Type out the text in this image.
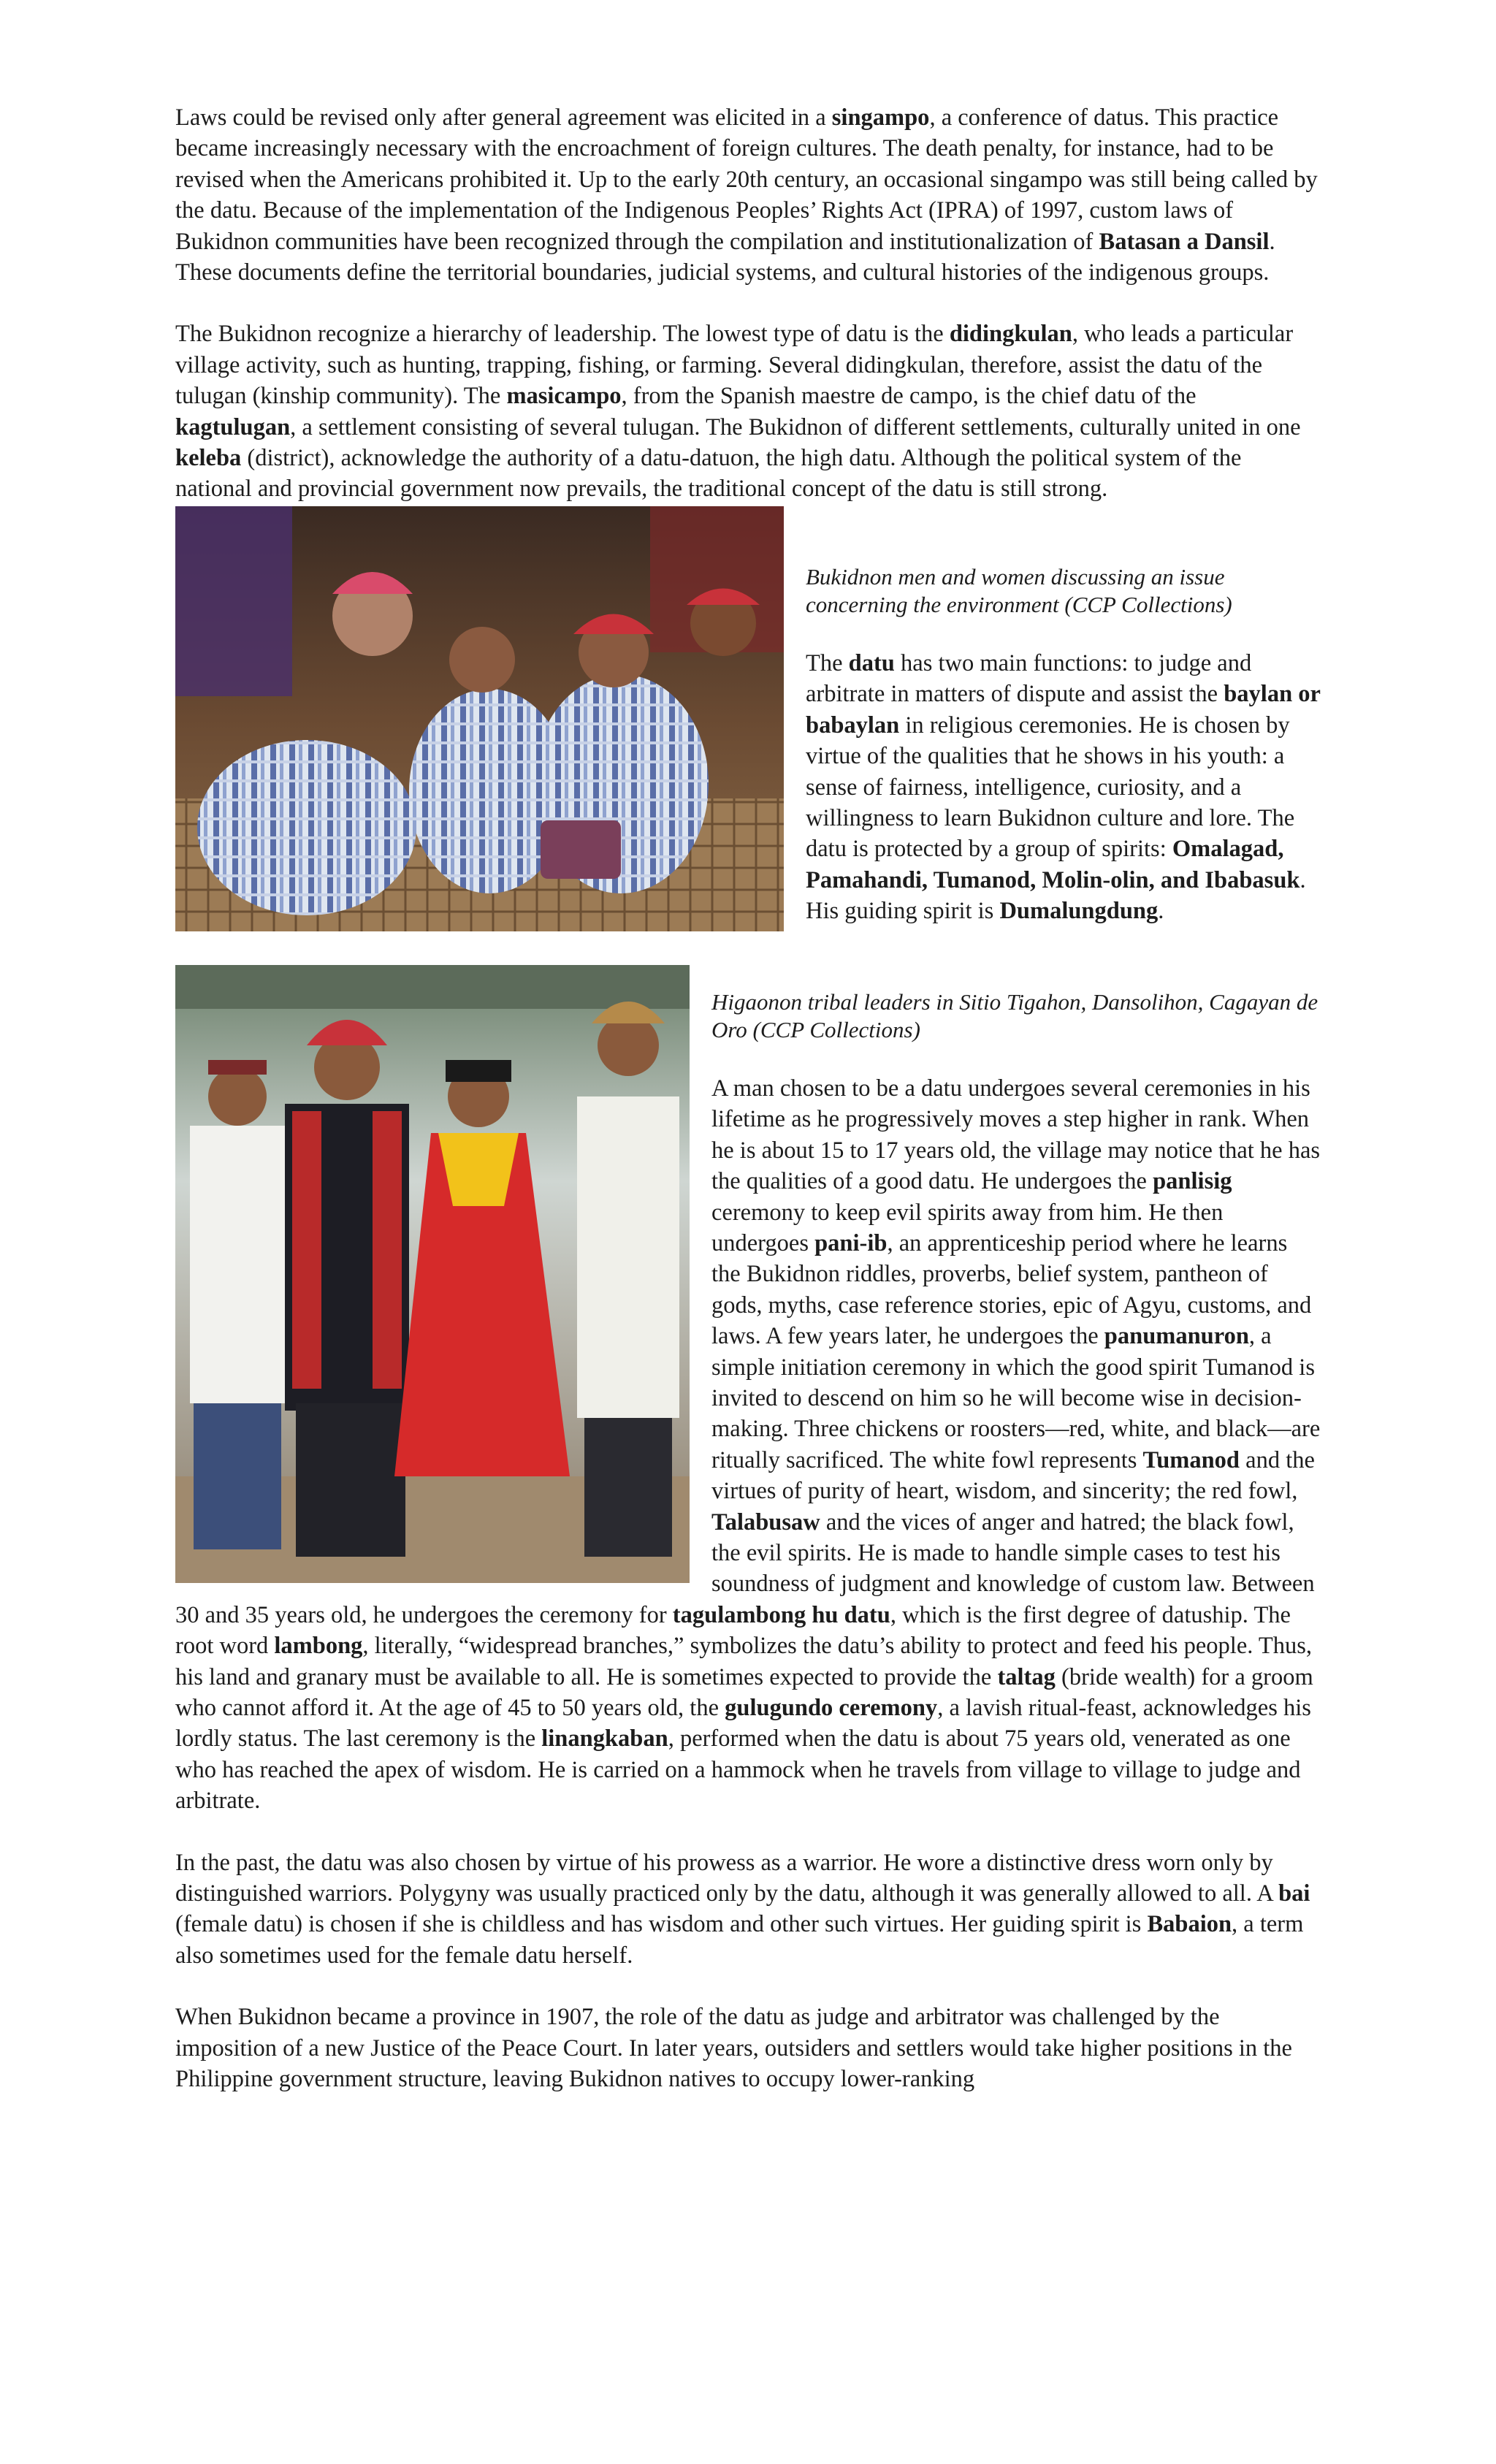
Laws could be revised only after general agreement was elicited in a singampo, a conference of datus. This practice became increasingly necessary with the encroachment of foreign cultures. The death penalty, for instance, had to be revised when the Americans prohibited it. Up to the early 20th century, an occasional singampo was still being called by the datu. Because of the implementation of the Indigenous Peoples’ Rights Act (IPRA) of 1997, custom laws of Bukidnon communities have been recognized through the compilation and institutionalization of Batasan a Dansil. These documents define the territorial boundaries, judicial systems, and cultural histories of the indigenous groups.

The Bukidnon recognize a hierarchy of leadership. The lowest type of datu is the didingkulan, who leads a particular village activity, such as hunting, trapping, fishing, or farming. Several didingkulan, therefore, assist the datu of the tulugan (kinship community). The masicampo, from the Spanish maestre de campo, is the chief datu of the kagtulugan, a settlement consisting of several tulugan. The Bukidnon of different settlements, culturally united in one keleba (district), acknowledge the authority of a datu-datuon, the high datu. Although the political system of the national and provincial government now prevails, the traditional concept of the datu is still strong.

Bukidnon men and women discussing an issue concerning the environment (CCP Collections)

The datu has two main functions: to judge and arbitrate in matters of dispute and assist the baylan or babaylan in religious ceremonies. He is chosen by virtue of the qualities that he shows in his youth: a sense of fairness, intelligence, curiosity, and a willingness to learn Bukidnon culture and lore. The datu is protected by a group of spirits: Omalagad, Pamahandi, Tumanod, Molin-olin, and Ibabasuk. His guiding spirit is Dumalungdung.

Higaonon tribal leaders in Sitio Tigahon, Dansolihon, Cagayan de Oro (CCP Collections)

A man chosen to be a datu undergoes several ceremonies in his lifetime as he progressively moves a step higher in rank. When he is about 15 to 17 years old, the village may notice that he has the qualities of a good datu. He undergoes the panlisig ceremony to keep evil spirits away from him. He then undergoes pani-ib, an apprenticeship period where he learns the Bukidnon riddles, proverbs, belief system, pantheon of gods, myths, case reference stories, epic of Agyu, customs, and laws. A few years later, he undergoes the panumanuron, a simple initiation ceremony in which the good spirit Tumanod is invited to descend on him so he will become wise in decision-making. Three chickens or roosters—red, white, and black—are ritually sacrificed. The white fowl represents Tumanod and the virtues of purity of heart, wisdom, and sincerity; the red fowl, Talabusaw and the vices of anger and hatred; the black fowl, the evil spirits. He is made to handle simple cases to test his soundness of judgment and knowledge of custom law. Between 30 and 35 years old, he undergoes the ceremony for tagulambong hu datu, which is the first degree of datuship. The root word lambong, literally, “widespread branches,” symbolizes the datu’s ability to protect and feed his people. Thus, his land and granary must be available to all. He is sometimes expected to provide the taltag (bride wealth) for a groom who cannot afford it. At the age of 45 to 50 years old, the gulugundo ceremony, a lavish ritual-feast, acknowledges his lordly status. The last ceremony is the linangkaban, performed when the datu is about 75 years old, venerated as one who has reached the apex of wisdom. He is carried on a hammock when he travels from village to village to judge and arbitrate.

In the past, the datu was also chosen by virtue of his prowess as a warrior. He wore a distinctive dress worn only by distinguished warriors. Polygyny was usually practiced only by the datu, although it was generally allowed to all. A bai (female datu) is chosen if she is childless and has wisdom and other such virtues. Her guiding spirit is Babaion, a term also sometimes used for the female datu herself.

When Bukidnon became a province in 1907, the role of the datu as judge and arbitrator was challenged by the imposition of a new Justice of the Peace Court. In later years, outsiders and settlers would take higher positions in the Philippine government structure, leaving Bukidnon natives to occupy lower-ranking
